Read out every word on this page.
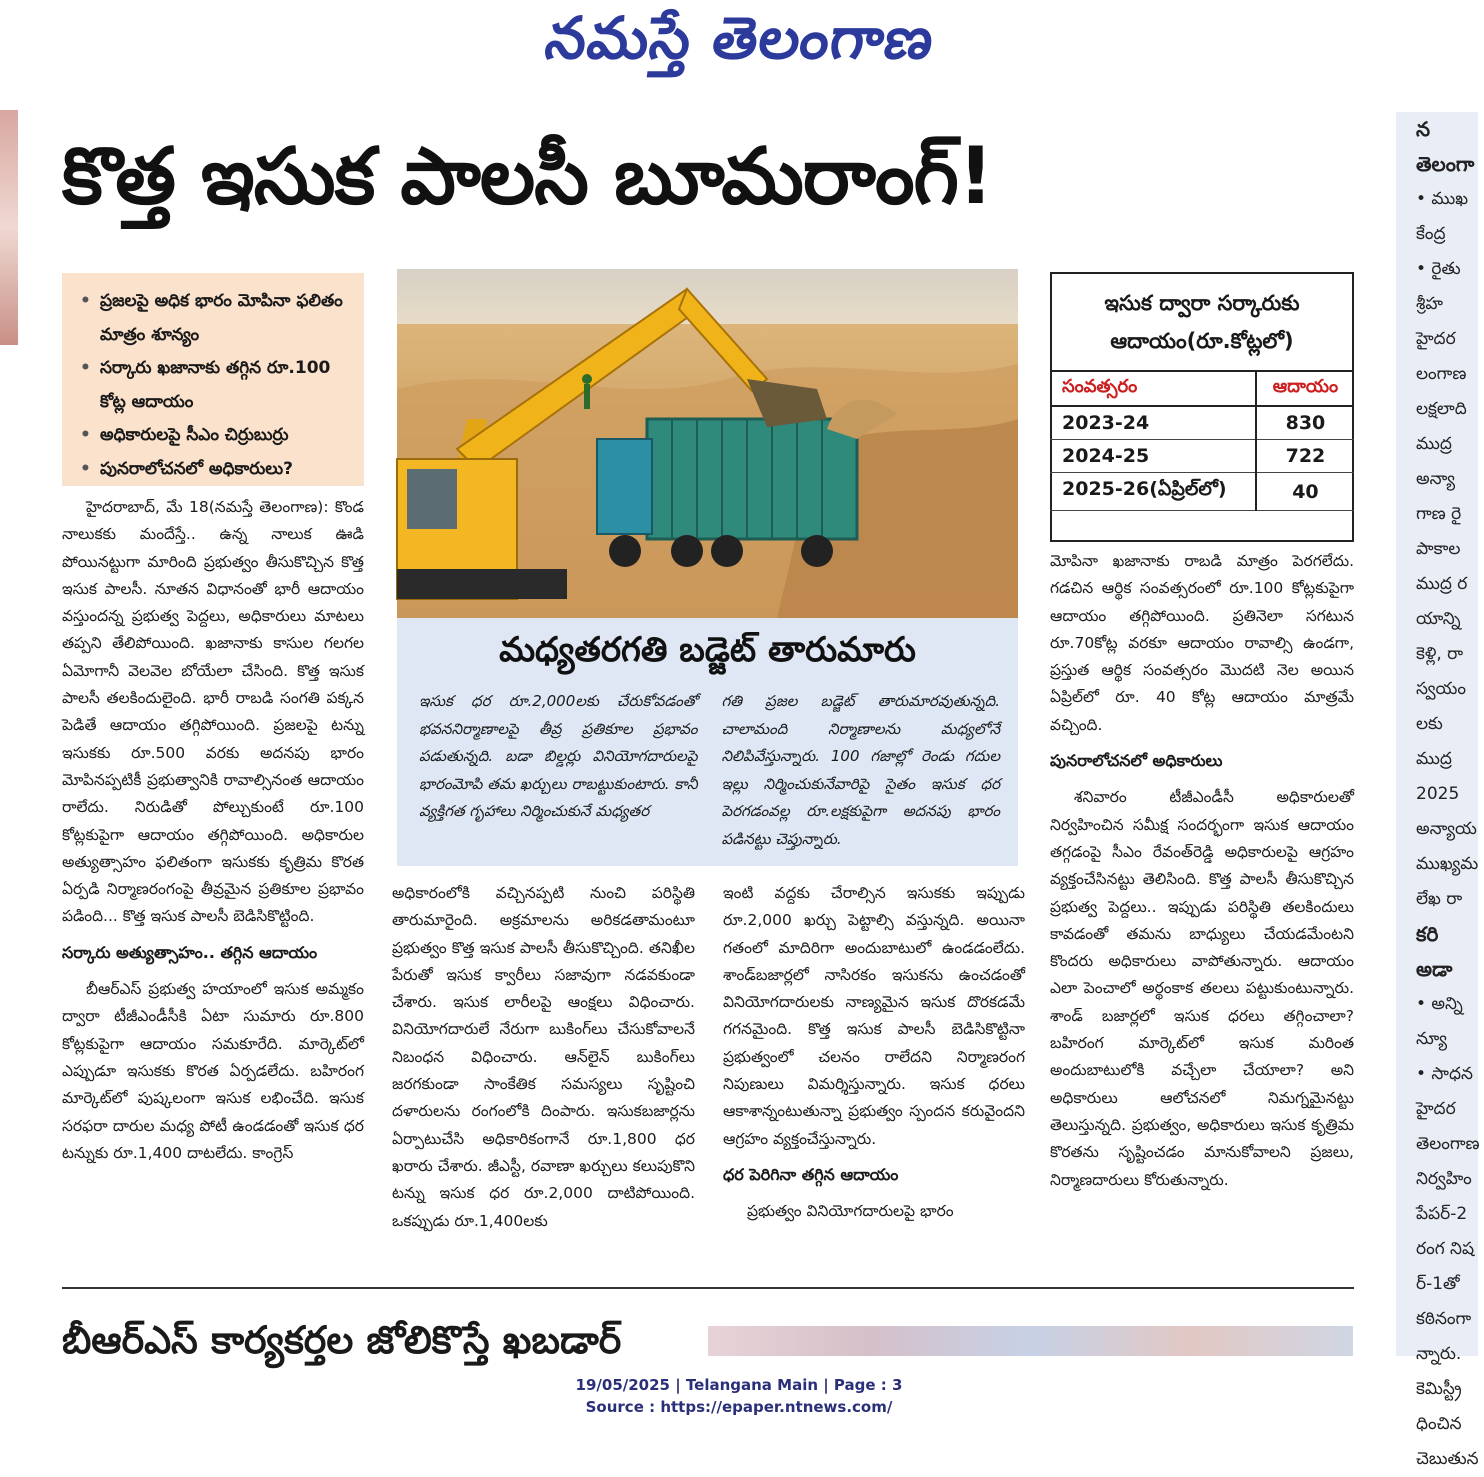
నమస్తే తెలంగాణ
కొత్త ఇసుక పాలసీ బూమరాంగ్‌!
న
తెలంగా
• ముఖ
కేంద్ర
• రైతు
శ్రీహ
హైదర
లంగాణ
లక్షలాది
ముద్ర
అన్యా
గాణ రై
పాకాల
ముద్ర ర
యాన్ని
కెళ్లి, రా
స్వయం
లకు
ముద్ర
2025
అన్యాయ
ముఖ్యమ
లేఖ రా
కరి
అడా
• అన్ని
న్యూ
• సాధన
హైదర
తెలంగాణ
నిర్వహిం
పేపర్‌-2
రంగ నిష
ర్‌-1తో
కఠినంగా
న్నారు.
కెమిస్ట్రీ
ధించిన
చెబుతున
• ప్రజలపై అధిక భారం మోపినా ఫలితం మాత్రం శూన్యం
• సర్కారు ఖజానాకు తగ్గిన రూ.100 కోట్ల ఆదాయం
• అధికారులపై సీఎం చిర్రుబుర్రు
• పునరాలోచనలో అధికారులు?

హైదరాబాద్‌, మే 18(నమస్తే తెలంగాణ): కొండ నాలుకకు మందేస్తే.. ఉన్న నాలుక ఊడి పోయినట్టుగా మారింది ప్రభుత్వం తీసుకొచ్చిన కొత్త ఇసుక పాలసీ. నూతన విధానంతో భారీ ఆదాయం వస్తుందన్న ప్రభుత్వ పెద్దలు, అధికారులు మాటలు తప్పని తేలిపోయింది. ఖజానాకు కాసుల గలగల ఏమోగానీ వెలవెల బోయేలా చేసింది. కొత్త ఇసుక పాలసీ తలకిందులైంది. భారీ రాబడి సంగతి పక్కన పెడితే ఆదాయం తగ్గిపోయింది. ప్రజలపై టన్ను ఇసుకకు రూ.500 వరకు అదనపు భారం మోపినప్పటికీ ప్రభుత్వానికి రావాల్సినంత ఆదాయం రాలేదు. నిరుడితో పోల్చుకుంటే రూ.100 కోట్లకుపైగా ఆదాయం తగ్గిపోయింది. అధికారుల అత్యుత్సాహం ఫలితంగా ఇసుకకు కృత్రిమ కొరత ఏర్పడి నిర్మాణరంగంపై తీవ్రమైన ప్రతికూల ప్రభావం పడింది... కొత్త ఇసుక పాలసీ బెడిసికొట్టింది.

సర్కారు అత్యుత్సాహం.. తగ్గిన ఆదాయం

బీఆర్‌ఎస్‌ ప్రభుత్వ హయాంలో ఇసుక అమ్మకం ద్వారా టీజీఎండీసీకి ఏటా సుమారు రూ.800 కోట్లకుపైగా ఆదాయం సమకూరేది. మార్కెట్‌లో ఎప్పుడూ ఇసుకకు కొరత ఏర్పడలేదు. బహిరంగ మార్కెట్‌లో పుష్కలంగా ఇసుక లభించేది. ఇసుక సరఫరా దారుల మధ్య పోటీ ఉండడంతో ఇసుక ధర టన్నుకు రూ.1,400 దాటలేదు. కాంగ్రెస్‌

మధ్యతరగతి బడ్జెట్‌ తారుమారు
ఇసుక ధర రూ.2,000లకు చేరుకోవడంతో భవననిర్మాణాలపై తీవ్ర ప్రతికూల ప్రభావం పడుతున్నది. బడా బిల్డర్లు వినియోగదారులపై భారంమోపి తమ ఖర్చులు రాబట్టుకుంటారు. కానీ వ్యక్తిగత గృహాలు నిర్మించుకునే మధ్యతర
గతి ప్రజల బడ్జెట్‌ తారుమారవుతున్నది. చాలామంది నిర్మాణాలను మధ్యలోనే నిలిపివేస్తున్నారు. 100 గజాల్లో రెండు గదుల ఇల్లు నిర్మించుకునేవారిపై సైతం ఇసుక ధర పెరగడంవల్ల రూ.లక్షకుపైగా అదనపు భారం పడినట్టు చెప్తున్నారు.

అధికారంలోకి వచ్చినప్పటి నుంచి పరిస్థితి తారుమారైంది. అక్రమాలను అరికడతామంటూ ప్రభుత్వం కొత్త ఇసుక పాలసీ తీసుకొచ్చింది. తనిఖీల పేరుతో ఇసుక క్వారీలు సజావుగా నడవకుండా చేశారు. ఇసుక లారీలపై ఆంక్షలు విధించారు. వినియోగదారులే నేరుగా బుకింగ్‌లు చేసుకోవాలనే నిబంధన విధించారు. ఆన్‌లైన్‌ బుకింగ్‌లు జరగకుండా సాంకేతిక సమస్యలు సృష్టించి దళారులను రంగంలోకి దింపారు. ఇసుకబజార్లను ఏర్పాటుచేసి అధికారికంగానే రూ.1,800 ధర ఖరారు చేశారు. జీఎస్టీ, రవాణా ఖర్చులు కలుపుకొని టన్ను ఇసుక ధర రూ.2,000 దాటిపోయింది. ఒకప్పుడు రూ.1,400లకు

ఇంటి వద్దకు చేరాల్సిన ఇసుకకు ఇప్పుడు రూ.2,000 ఖర్చు పెట్టాల్సి వస్తున్నది. అయినా గతంలో మాదిరిగా అందుబాటులో ఉండడంలేదు. శాండ్‌బజార్లలో నాసిరకం ఇసుకను ఉంచడంతో వినియోగదారులకు నాణ్యమైన ఇసుక దొరకడమే గగనమైంది. కొత్త ఇసుక పాలసీ బెడిసికొట్టినా ప్రభుత్వంలో చలనం రాలేదని నిర్మాణరంగ నిపుణులు విమర్శిస్తున్నారు. ఇసుక ధరలు ఆకాశాన్నంటుతున్నా ప్రభుత్వం స్పందన కరువైందని ఆగ్రహం వ్యక్తంచేస్తున్నారు.

ధర పెరిగినా తగ్గిన ఆదాయం

ప్రభుత్వం వినియోగదారులపై భారం

ఇసుక ద్వారా సర్కారుకు ఆదాయం(రూ.కోట్లలో)
సంవత్సరం	ఆదాయం
2023-24	830
2024-25	722
2025-26(ఏప్రిల్‌లో)	40

మోపినా ఖజానాకు రాబడి మాత్రం పెరగలేదు. గడచిన ఆర్థిక సంవత్సరంలో రూ.100 కోట్లకుపైగా ఆదాయం తగ్గిపోయింది. ప్రతినెలా సగటున రూ.70కోట్ల వరకూ ఆదాయం రావాల్సి ఉండగా, ప్రస్తుత ఆర్థిక సంవత్సరం మొదటి నెల అయిన ఏప్రిల్‌లో రూ. 40 కోట్ల ఆదాయం మాత్రమే వచ్చింది.

పునరాలోచనలో అధికారులు

శనివారం టీజీఎండీసీ అధికారులతో నిర్వహించిన సమీక్ష సందర్భంగా ఇసుక ఆదాయం తగ్గడంపై సీఎం రేవంత్‌రెడ్డి అధికారులపై ఆగ్రహం వ్యక్తంచేసినట్టు తెలిసింది. కొత్త పాలసీ తీసుకొచ్చిన ప్రభుత్వ పెద్దలు.. ఇప్పుడు పరిస్థితి తలకిందులు కావడంతో తమను బాధ్యులు చేయడమేంటని కొందరు అధికారులు వాపోతున్నారు. ఆదాయం ఎలా పెంచాలో అర్థంకాక తలలు పట్టుకుంటున్నారు. శాండ్‌ బజార్లలో ఇసుక ధరలు తగ్గించాలా? బహిరంగ మార్కెట్‌లో ఇసుక మరింత అందుబాటులోకి వచ్చేలా చేయాలా? అని అధికారులు ఆలోచనలో నిమగ్నమైనట్టు తెలుస్తున్నది. ప్రభుత్వం, అధికారులు ఇసుక కృత్రిమ కొరతను సృష్టించడం మానుకోవాలని ప్రజలు, నిర్మాణదారులు కోరుతున్నారు.

బీఆర్‌ఎస్‌ కార్యకర్తల జోలికొస్తే ఖబడార్‌
19/05/2025 | Telangana Main | Page : 3
Source : https://epaper.ntnews.com/
